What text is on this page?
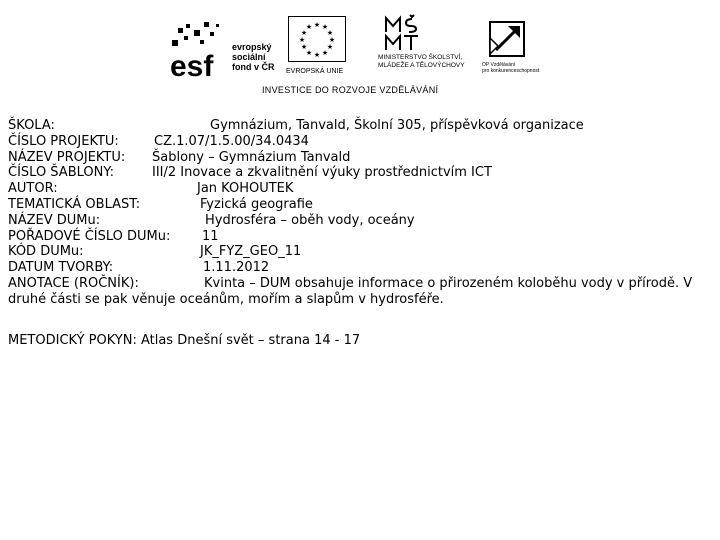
esf
evropský
sociální
fond v ČR
★ ★
★
★
★
★
★
★
★
★
★
★
EVROPSKÁ UNIE
MINISTERSTVO ŠKOLSTVÍ,
MLÁDEŽE A TĚLOVÝCHOVY	OP Vzdělávání
pro konkurenceschopnost
INVESTICE DO ROZVOJE VZDĚLÁVÁNÍ
ŠKOLA:	Gymnázium, Tanvald, Školní 305, příspěvková organizace
ČÍSLO PROJEKTU:	CZ.1.07/1.5.00/34.0434
NÁZEV PROJEKTU: Šablony – Gymnázium Tanvald
ČÍSLO ŠABLONY:	III/2 Inovace a zkvalitnění výuky prostřednictvím ICT
AUTOR:	Jan KOHOUTEK
TEMATICKÁ OBLAST:	Fyzická geografie
NÁZEV DUMu:	Hydrosféra – oběh vody, oceány
POŘADOVÉ ČÍSLO DUMu: 11
KÓD DUMu:	JK_FYZ_GEO_11
DATUM TVORBY:	1.11.2012
ANOTACE (ROČNÍK):	Kvinta – DUM obsahuje informace o přirozeném koloběhu vody v přírodě. V druhé části se pak věnuje oceánům, mořím a slapům v hydrosféře.
METODICKÝ POKYN: Atlas Dnešní svět – strana 14 - 17
